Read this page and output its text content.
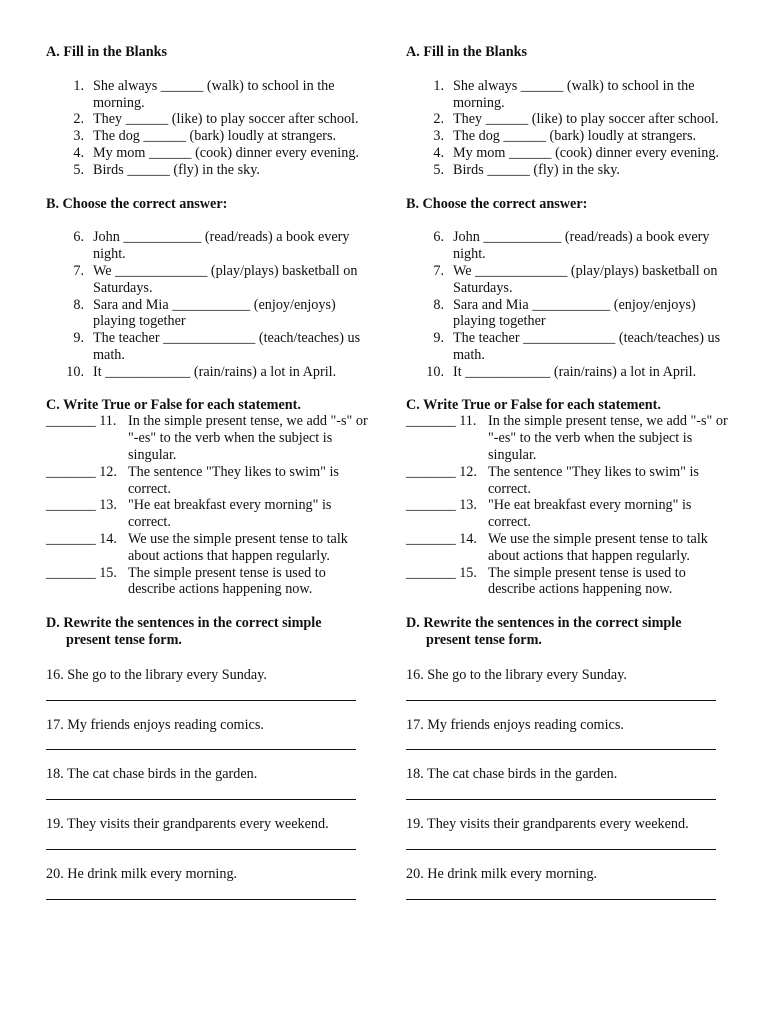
A. Fill in the Blanks

1. She always ______ (walk) to school in the morning.
2. They ______ (like) to play soccer after school.
3. The dog ______ (bark) loudly at strangers.
4. My mom ______ (cook) dinner every evening.
5. Birds ______ (fly) in the sky.

B. Choose the correct answer:

6. John ___________ (read/reads) a book every night.
7. We _____________ (play/plays) basketball on Saturdays.
8. Sara and Mia ___________ (enjoy/enjoys) playing together
9. The teacher _____________ (teach/teaches) us math.
10. It ____________ (rain/rains) a lot in April.

C. Write True or False for each statement.

_______ 11. In the simple present tense, we add "-s" or "-es" to the verb when the subject is singular.
_______ 12. The sentence "They likes to swim" is correct.
_______ 13. "He eat breakfast every morning" is correct.
_______ 14. We use the simple present tense to talk about actions that happen regularly.
_______ 15. The simple present tense is used to describe actions happening now.

D. Rewrite the sentences in the correct simple present tense form.

16. She go to the library every Sunday.
17. My friends enjoys reading comics.
18. The cat chase birds in the garden.
19. They visits their grandparents every weekend.
20. He drink milk every morning.

A. Fill in the Blanks

1. She always ______ (walk) to school in the morning.
2. They ______ (like) to play soccer after school.
3. The dog ______ (bark) loudly at strangers.
4. My mom ______ (cook) dinner every evening.
5. Birds ______ (fly) in the sky.

B. Choose the correct answer:

6. John ___________ (read/reads) a book every night.
7. We _____________ (play/plays) basketball on Saturdays.
8. Sara and Mia ___________ (enjoy/enjoys) playing together
9. The teacher _____________ (teach/teaches) us math.
10. It ____________ (rain/rains) a lot in April.

C. Write True or False for each statement.

_______ 11. In the simple present tense, we add "-s" or "-es" to the verb when the subject is singular.
_______ 12. The sentence "They likes to swim" is correct.
_______ 13. "He eat breakfast every morning" is correct.
_______ 14. We use the simple present tense to talk about actions that happen regularly.
_______ 15. The simple present tense is used to describe actions happening now.

D. Rewrite the sentences in the correct simple present tense form.

16. She go to the library every Sunday.
17. My friends enjoys reading comics.
18. The cat chase birds in the garden.
19. They visits their grandparents every weekend.
20. He drink milk every morning.
